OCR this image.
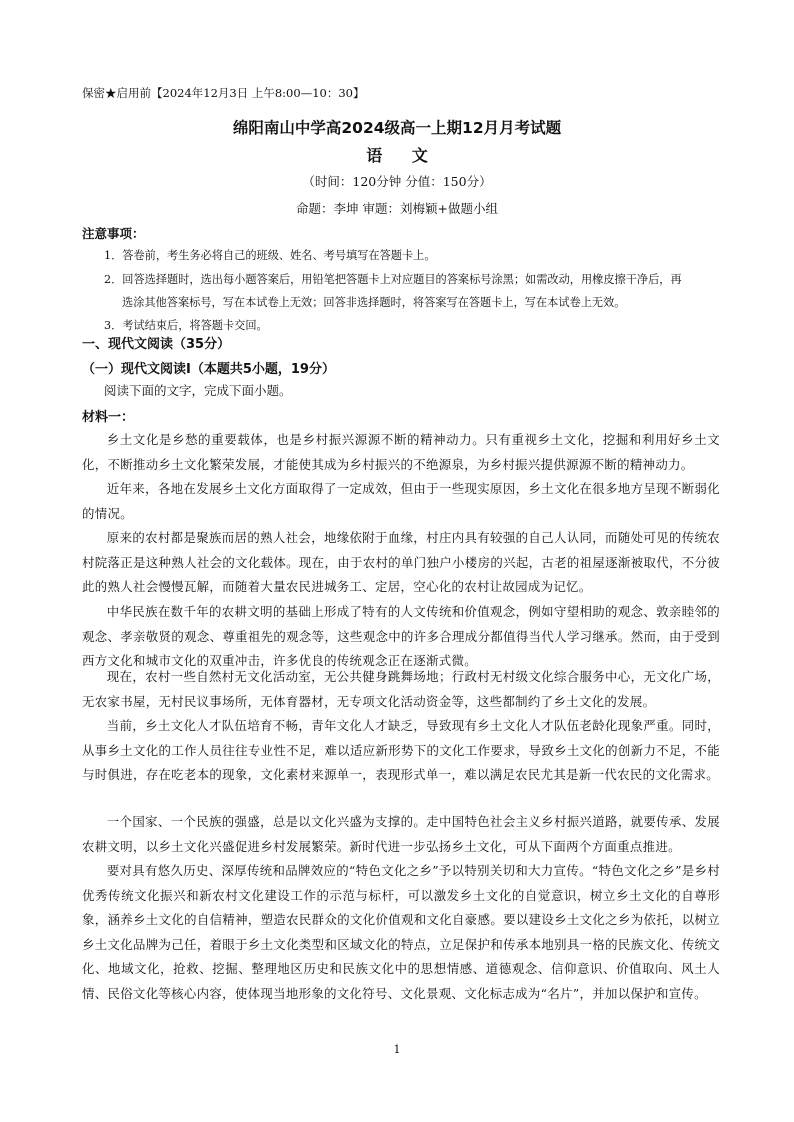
保密★启用前【2024年12月3日 上午8:00—10：30】
绵阳南山中学高2024级高一上期12月月考试题
语 文
（时间：120分钟 分值：150分）
命题：李坤 审题：刘梅颖+做题小组
注意事项：
1．答卷前，考生务必将自己的班级、姓名、考号填写在答题卡上。
2．回答选择题时，选出每小题答案后，用铅笔把答题卡上对应题目的答案标号涂黑；如需改动，用橡皮擦干净后，再
选涂其他答案标号，写在本试卷上无效；回答非选择题时，将答案写在答题卡上，写在本试卷上无效。
3．考试结束后，将答题卡交回。
一、现代文阅读（35分）
（一）现代文阅读Ⅰ（本题共5小题，19分）
阅读下面的文字，完成下面小题。
材料一：

乡土文化是乡愁的重要载体，也是乡村振兴源源不断的精神动力。只有重视乡土文化，挖掘和利用好乡土文化，不断推动乡土文化繁荣发展，才能使其成为乡村振兴的不绝源泉，为乡村振兴提供源源不断的精神动力。

近年来，各地在发展乡土文化方面取得了一定成效，但由于一些现实原因，乡土文化在很多地方呈现不断弱化的情况。

原来的农村都是聚族而居的熟人社会，地缘依附于血缘，村庄内具有较强的自己人认同，而随处可见的传统农村院落正是这种熟人社会的文化载体。现在，由于农村的单门独户小楼房的兴起，古老的祖屋逐渐被取代，不分彼此的熟人社会慢慢瓦解，而随着大量农民进城务工、定居，空心化的农村让故园成为记忆。

中华民族在数千年的农耕文明的基础上形成了特有的人文传统和价值观念，例如守望相助的观念、敦亲睦邻的观念、孝亲敬贤的观念、尊重祖先的观念等，这些观念中的许多合理成分都值得当代人学习继承。然而，由于受到西方文化和城市文化的双重冲击，许多优良的传统观念正在逐渐式微。

现在，农村一些自然村无文化活动室，无公共健身跳舞场地；行政村无村级文化综合服务中心，无文化广场，无农家书屋，无村民议事场所，无体育器材，无专项文化活动资金等，这些都制约了乡土文化的发展。

当前，乡土文化人才队伍培育不畅，青年文化人才缺乏，导致现有乡土文化人才队伍老龄化现象严重。同时，从事乡土文化的工作人员往往专业性不足，难以适应新形势下的文化工作要求，导致乡土文化的创新力不足，不能与时俱进，存在吃老本的现象，文化素材来源单一，表现形式单一，难以满足农民尤其是新一代农民的文化需求。

一个国家、一个民族的强盛，总是以文化兴盛为支撑的。走中国特色社会主义乡村振兴道路，就要传承、发展农耕文明，以乡土文化兴盛促进乡村发展繁荣。新时代进一步弘扬乡土文化，可从下面两个方面重点推进。

要对具有悠久历史、深厚传统和品牌效应的“特色文化之乡”予以特别关切和大力宣传。“特色文化之乡”是乡村优秀传统文化振兴和新农村文化建设工作的示范与标杆，可以激发乡土文化的自觉意识，树立乡土文化的自尊形象，涵养乡土文化的自信精神，塑造农民群众的文化价值观和文化自豪感。要以建设乡土文化之乡为依托，以树立乡土文化品牌为己任，着眼于乡土文化类型和区域文化的特点，立足保护和传承本地别具一格的民族文化、传统文化、地域文化，抢救、挖掘、整理地区历史和民族文化中的思想情感、道德观念、信仰意识、价值取向、风土人情、民俗文化等核心内容，使体现当地形象的文化符号、文化景观、文化标志成为“名片”，并加以保护和宣传。

1
